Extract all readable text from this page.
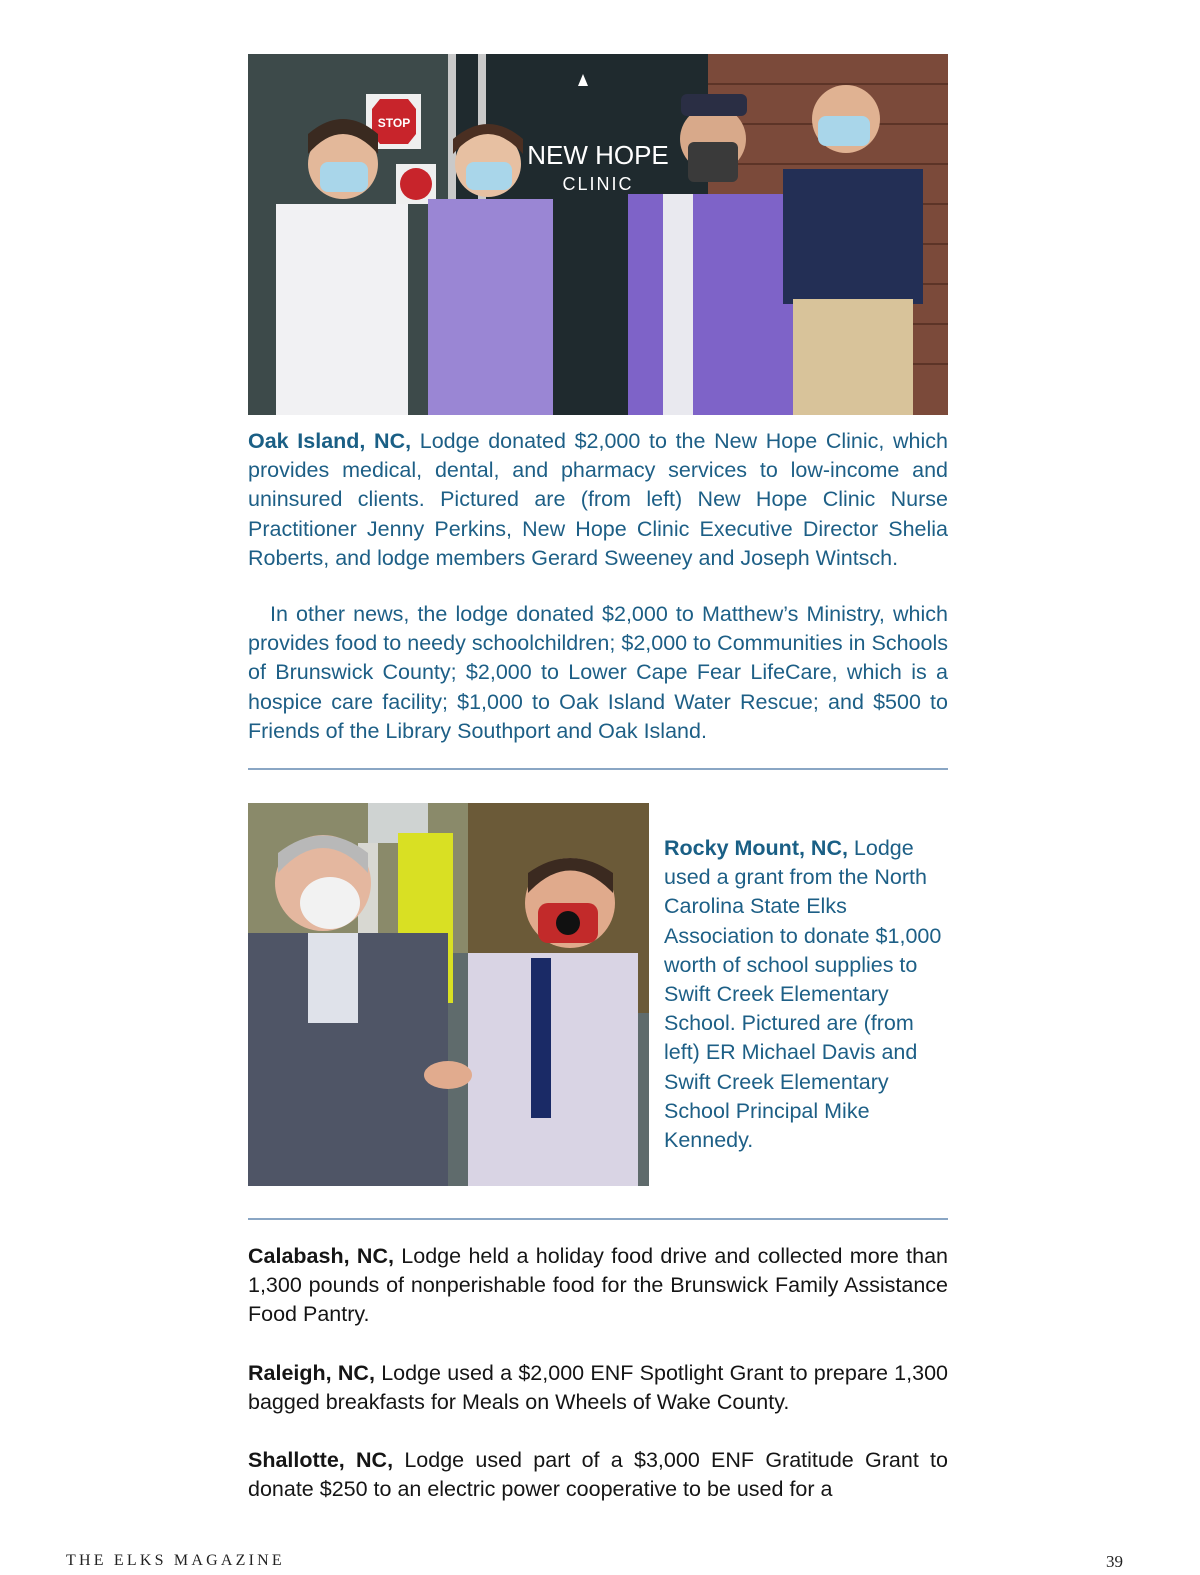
STOP
NEW HOPE
CLINIC

Oak Island, NC, Lodge donated $2,000 to the New Hope Clinic, which provides medical, dental, and pharmacy services to low-income and uninsured clients. Pictured are (from left) New Hope Clinic Nurse Practitioner Jenny Perkins, New Hope Clinic Executive Director Shelia Roberts, and lodge members Gerard Sweeney and Joseph Wintsch.

In other news, the lodge donated $2,000 to Matthew’s Ministry, which provides food to needy schoolchildren; $2,000 to Communities in Schools of Brunswick County; $2,000 to Lower Cape Fear LifeCare, which is a hospice care facility; $1,000 to Oak Island Water Rescue; and $500 to Friends of the Library Southport and Oak Island.

Rocky Mount, NC, Lodge used a grant from the North Carolina State Elks Association to donate $1,000 worth of school supplies to Swift Creek Elementary School. Pictured are (from left) ER Michael Davis and Swift Creek Elementary School Principal Mike Kennedy.

Calabash, NC, Lodge held a holiday food drive and collected more than 1,300 pounds of nonperishable food for the Brunswick Family Assistance Food Pantry.

Raleigh, NC, Lodge used a $2,000 ENF Spotlight Grant to prepare 1,300 bagged breakfasts for Meals on Wheels of Wake County.

Shallotte, NC, Lodge used part of a $3,000 ENF Gratitude Grant to donate $250 to an electric power cooperative to be used for a

THE ELKS MAGAZINE	39
